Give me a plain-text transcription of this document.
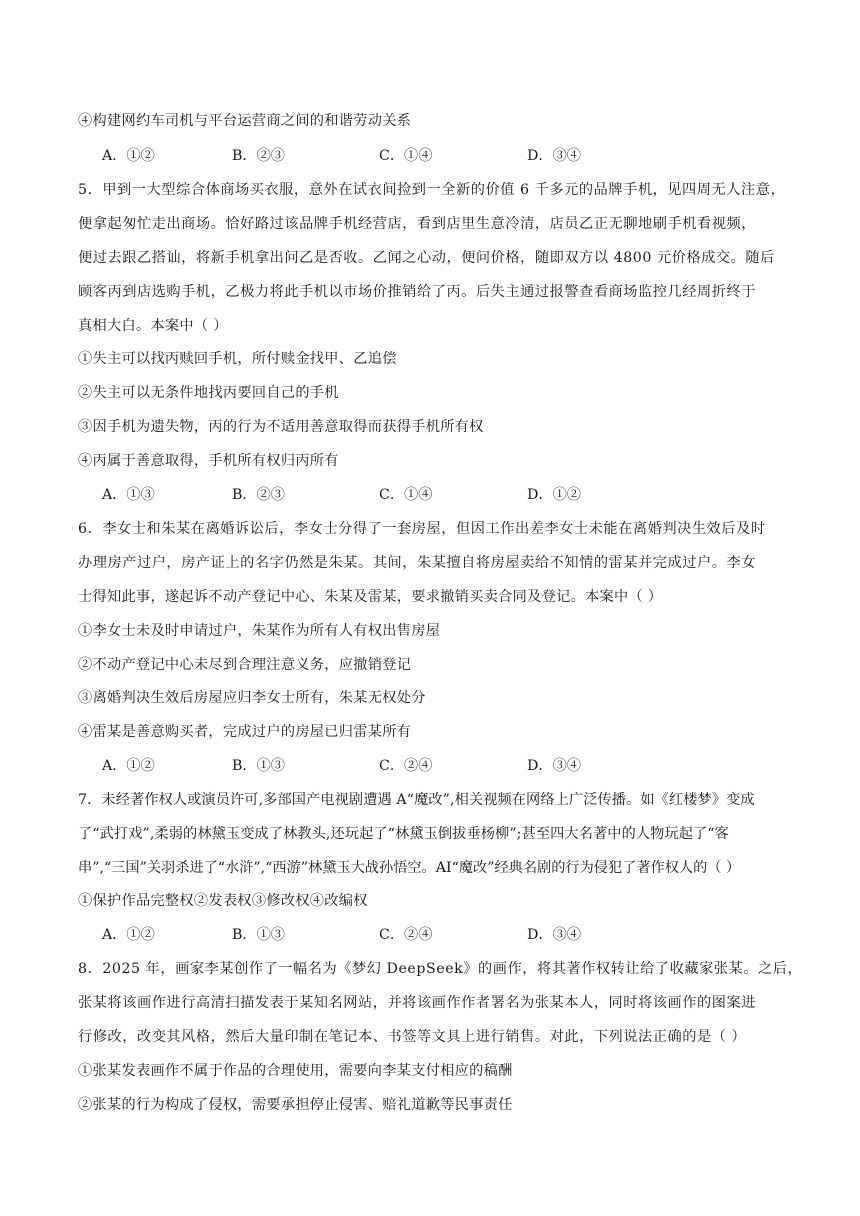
④构建网约车司机与平台运营商之间的和谐劳动关系
A．①②	B．②③	C．①④	D．③④
5．甲到一大型综合体商场买衣服，意外在试衣间捡到一全新的价值 6 千多元的品牌手机，见四周无人注意，
便拿起匆忙走出商场。恰好路过该品牌手机经营店，看到店里生意冷清，店员乙正无聊地刷手机看视频，
便过去跟乙搭讪，将新手机拿出问乙是否收。乙闻之心动，便问价格，随即双方以 4800 元价格成交。随后
顾客丙到店选购手机，乙极力将此手机以市场价推销给了丙。后失主通过报警查看商场监控几经周折终于
真相大白。本案中（ ）
①失主可以找丙赎回手机，所付赎金找甲、乙追偿
②失主可以无条件地找丙要回自己的手机
③因手机为遗失物，丙的行为不适用善意取得而获得手机所有权
④丙属于善意取得，手机所有权归丙所有
A．①③	B．②③	C．①④	D．①②
6．李女士和朱某在离婚诉讼后，李女士分得了一套房屋，但因工作出差李女士未能在离婚判决生效后及时
办理房产过户，房产证上的名字仍然是朱某。其间，朱某擅自将房屋卖给不知情的雷某并完成过户。李女
士得知此事，遂起诉不动产登记中心、朱某及雷某，要求撤销买卖合同及登记。本案中（ ）
①李女士未及时申请过户，朱某作为所有人有权出售房屋
②不动产登记中心未尽到合理注意义务，应撤销登记
③离婚判决生效后房屋应归李女士所有，朱某无权处分
④雷某是善意购买者，完成过户的房屋已归雷某所有
A．①②	B．①③	C．②④	D．③④
7．未经著作权人或演员许可,多部国产电视剧遭遇 A“魔改”,相关视频在网络上广泛传播。如《红楼梦》变成
了“武打戏”,柔弱的林黛玉变成了林教头,还玩起了“林黛玉倒拔垂杨柳”;甚至四大名著中的人物玩起了“客
串”,“三国”关羽杀进了“水浒”,“西游”林黛玉大战孙悟空。AI“魔改”经典名剧的行为侵犯了著作权人的（ ）
①保护作品完整权②发表权③修改权④改编权
A．①②	B．①③	C．②④	D．③④
8．2025 年，画家李某创作了一幅名为《梦幻 DeepSeek》的画作，将其著作权转让给了收藏家张某。之后，
张某将该画作进行高清扫描发表于某知名网站，并将该画作作者署名为张某本人，同时将该画作的图案进
行修改，改变其风格，然后大量印制在笔记本、书签等文具上进行销售。对此，下列说法正确的是（ ）
①张某发表画作不属于作品的合理使用，需要向李某支付相应的稿酬
②张某的行为构成了侵权，需要承担停止侵害、赔礼道歉等民事责任
